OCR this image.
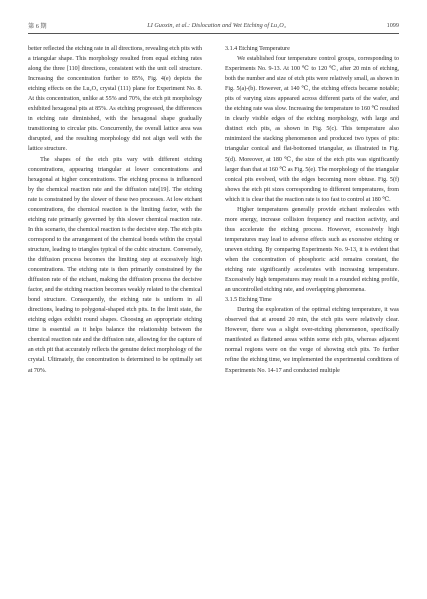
第 6 期	LI Guoxin, et al.: Dislocation and Wet Etching of Lu₂O₃	1099

better reflected the etching rate in all directions, revealing etch pits with a triangular shape. This morphology resulted from equal etching rates along the three [110] directions, consistent with the unit cell structure. Increasing the concentration further to 85%, Fig. 4(e) depicts the etching effects on the Lu₂O₃ crystal (111) plane for Experiment No. 8. At this concentration, unlike at 55% and 70%, the etch pit morphology exhibited hexagonal pits at 85%. As etching progressed, the differences in etching rate diminished, with the hexagonal shape gradually transitioning to circular pits. Concurrently, the overall lattice area was disrupted, and the resulting morphology did not align well with the lattice structure.

The shapes of the etch pits vary with different etching concentrations, appearing triangular at lower concentrations and hexagonal at higher concentrations. The etching process is influenced by the chemical reaction rate and the diffusion rate[19]. The etching rate is constrained by the slower of these two processes. At low etchant concentrations, the chemical reaction is the limiting factor, with the etching rate primarily governed by this slower chemical reaction rate. In this scenario, the chemical reaction is the decisive step. The etch pits correspond to the arrangement of the chemical bonds within the crystal structure, leading to triangles typical of the cubic structure. Conversely, the diffusion process becomes the limiting step at excessively high concentrations. The etching rate is then primarily constrained by the diffusion rate of the etchant, making the diffusion process the decisive factor, and the etching reaction becomes weakly related to the chemical bond structure. Consequently, the etching rate is uniform in all directions, leading to polygonal-shaped etch pits. In the limit state, the etching edges exhibit round shapes. Choosing an appropriate etching time is essential as it helps balance the relationship between the chemical reaction rate and the diffusion rate, allowing for the capture of an etch pit that accurately reflects the genuine defect morphology of the crystal. Ultimately, the concentration is determined to be optimally set at 70%.

3.1.4 Etching Temperature

We established four temperature control groups, corresponding to Experiments No. 9-13. At 100 ℃ to 120 ℃, after 20 min of etching, both the number and size of etch pits were relatively small, as shown in Fig. 5(a)-(b). However, at 140 ℃, the etching effects became notable; pits of varying sizes appeared across different parts of the wafer, and the etching rate was slow. Increasing the temperature to 160 ℃ resulted in clearly visible edges of the etching morphology, with large and distinct etch pits, as shown in Fig. 5(c). This temperature also minimized the stacking phenomenon and produced two types of pits: triangular conical and flat-bottomed triangular, as illustrated in Fig. 5(d). Moreover, at 180 ℃, the size of the etch pits was significantly larger than that at 160 ℃ as Fig. 5(e). The morphology of the triangular conical pits evolved, with the edges becoming more obtuse. Fig. 5(f) shows the etch pit sizes corresponding to different temperatures, from which it is clear that the reaction rate is too fast to control at 180 ℃.

Higher temperatures generally provide etchant molecules with more energy, increase collision frequency and reaction activity, and thus accelerate the etching process. However, excessively high temperatures may lead to adverse effects such as excessive etching or uneven etching. By comparing Experiments No. 9-13, it is evident that when the concentration of phosphoric acid remains constant, the etching rate significantly accelerates with increasing temperature. Excessively high temperatures may result in a rounded etching profile, an uncontrolled etching rate, and overlapping phenomena.

3.1.5 Etching Time

During the exploration of the optimal etching temperature, it was observed that at around 20 min, the etch pits were relatively clear. However, there was a slight over-etching phenomenon, specifically manifested as flattened areas within some etch pits, whereas adjacent normal regions were on the verge of showing etch pits. To further refine the etching time, we implemented the experimental conditions of Experiments No. 14-17 and conducted multiple
